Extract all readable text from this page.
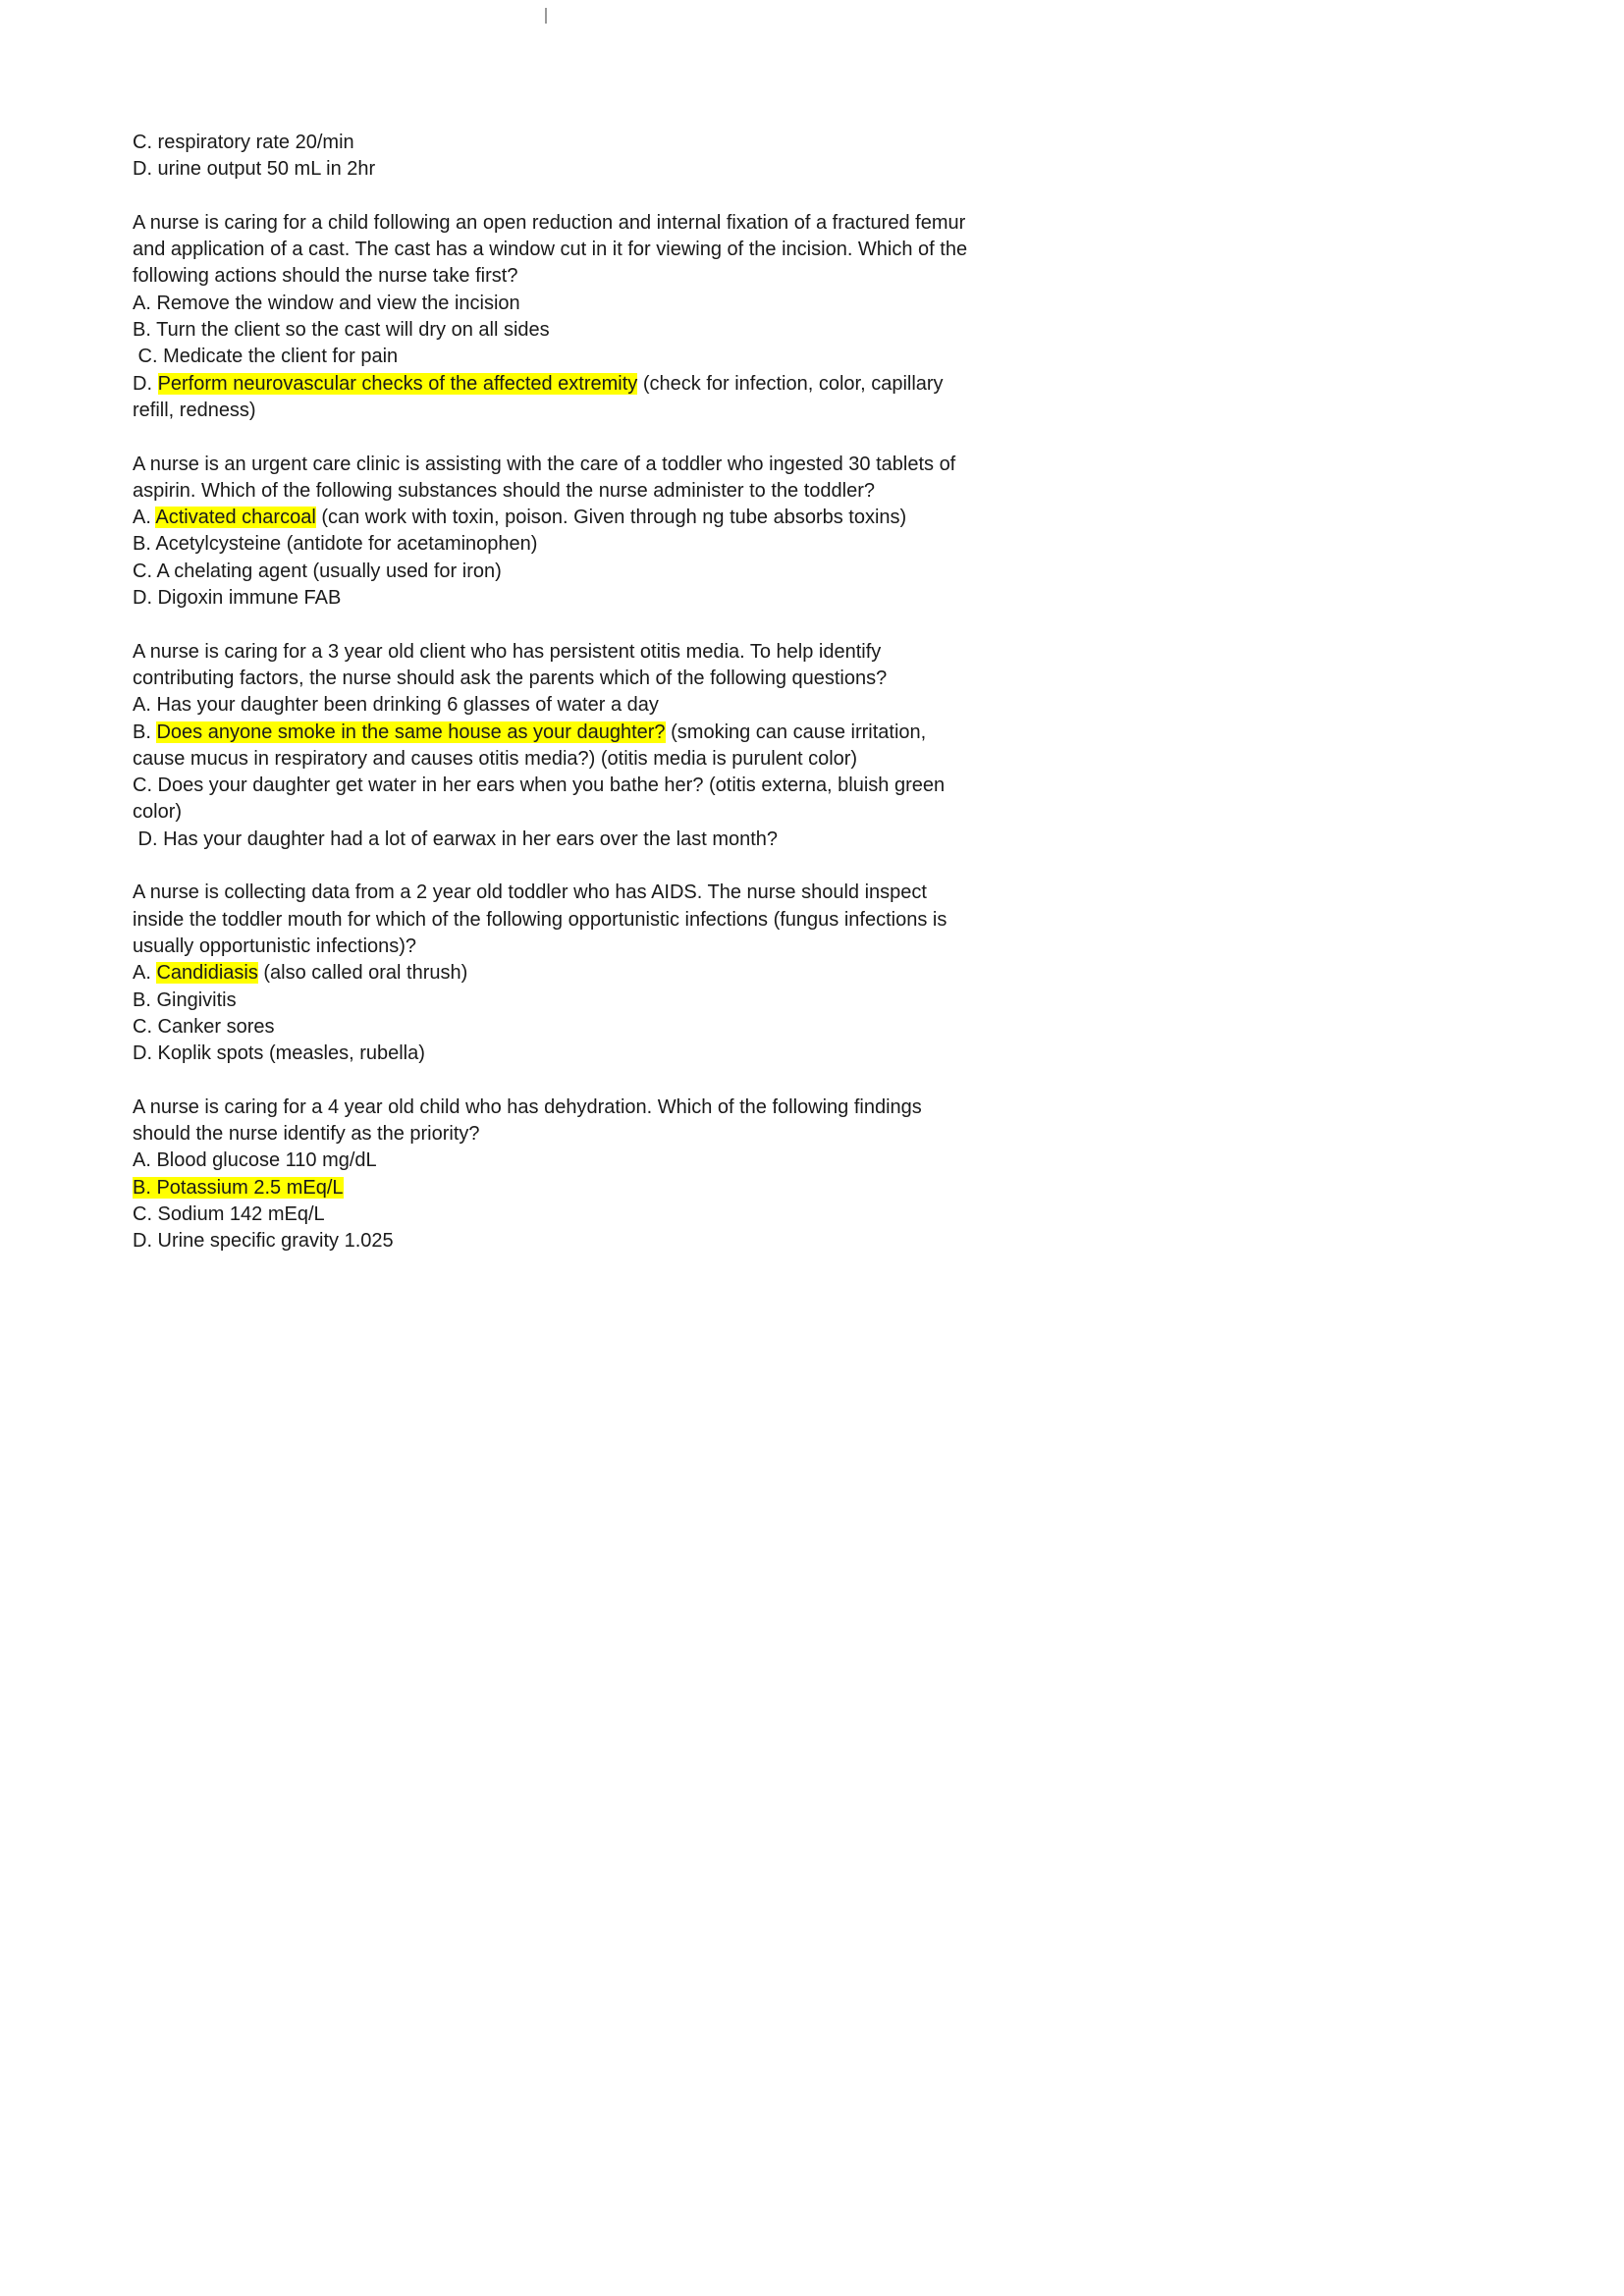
C. respiratory rate 20/min
D. urine output 50 mL in 2hr
A nurse is caring for a child following an open reduction and internal fixation of a fractured femur
and application of a cast. The cast has a window cut in it for viewing of the incision. Which of the
following actions should the nurse take first?
A. Remove the window and view the incision
B. Turn the client so the cast will dry on all sides
C. Medicate the client for pain
D. Perform neurovascular checks of the affected extremity (check for infection, color, capillary
refill, redness)
A nurse is an urgent care clinic is assisting with the care of a toddler who ingested 30 tablets of
aspirin. Which of the following substances should the nurse administer to the toddler?
A. Activated charcoal (can work with toxin, poison. Given through ng tube absorbs toxins)
B. Acetylcysteine (antidote for acetaminophen)
C. A chelating agent (usually used for iron)
D. Digoxin immune FAB
A nurse is caring for a 3 year old client who has persistent otitis media. To help identify
contributing factors, the nurse should ask the parents which of the following questions?
A. Has your daughter been drinking 6 glasses of water a day
B. Does anyone smoke in the same house as your daughter? (smoking can cause irritation,
cause mucus in respiratory and causes otitis media?) (otitis media is purulent color)
C. Does your daughter get water in her ears when you bathe her? (otitis externa, bluish green
color)
D. Has your daughter had a lot of earwax in her ears over the last month?
A nurse is collecting data from a 2 year old toddler who has AIDS. The nurse should inspect
inside the toddler mouth for which of the following opportunistic infections (fungus infections is
usually opportunistic infections)?
A. Candidiasis (also called oral thrush)
B. Gingivitis
C. Canker sores
D. Koplik spots (measles, rubella)
A nurse is caring for a 4 year old child who has dehydration. Which of the following findings
should the nurse identify as the priority?
A. Blood glucose 110 mg/dL
B. Potassium 2.5 mEq/L
C. Sodium 142 mEq/L
D. Urine specific gravity 1.025
